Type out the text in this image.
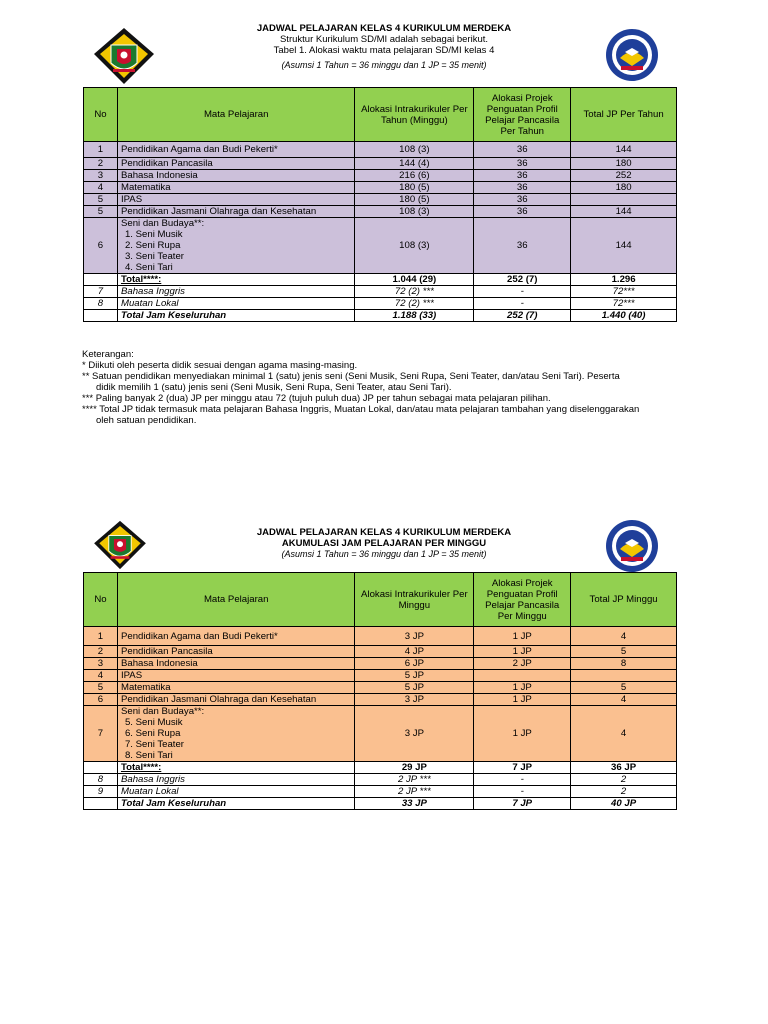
JADWAL PELAJARAN KELAS 4 KURIKULUM MERDEKA
Struktur Kurikulum SD/MI adalah sebagai berikut.
Tabel 1. Alokasi waktu mata pelajaran SD/MI kelas 4
(Asumsi 1 Tahun = 36 minggu dan 1 JP = 35 menit)
No	Mata Pelajaran	Alokasi Intrakurikuler Per Tahun (Minggu)	Alokasi Projek Penguatan Profil Pelajar Pancasila Per Tahun	Total JP Per Tahun
1	Pendidikan Agama dan Budi Pekerti*	108 (3)	36	144
2	Pendidikan Pancasila	144 (4)	36	180
3	Bahasa Indonesia	216 (6)	36	252
4	Matematika	180 (5)	36	180
5	IPAS	180 (5)	36	
5	Pendidikan Jasmani Olahraga dan Kesehatan	108 (3)	36	144
6	Seni dan Budaya**:
1. Seni Musik
2. Seni Rupa
3. Seni Teater
4. Seni Tari	108 (3)	36	144
	Total****:	1.044 (29)	252 (7)	1.296
7	Bahasa Inggris	72 (2) ***	-	72***
8	Muatan Lokal	72 (2) ***	-	72***
	Total Jam Keseluruhan	1.188 (33)	252 (7)	1.440 (40)

Keterangan:

* Diikuti oleh peserta didik sesuai dengan agama masing-masing.

** Satuan pendidikan menyediakan minimal 1 (satu) jenis seni (Seni Musik, Seni Rupa, Seni Teater, dan/atau Seni Tari). Peserta

didik memilih 1 (satu) jenis seni (Seni Musik, Seni Rupa, Seni Teater, atau Seni Tari).

*** Paling banyak 2 (dua) JP per minggu atau 72 (tujuh puluh dua) JP per tahun sebagai mata pelajaran pilihan.

**** Total JP tidak termasuk mata pelajaran Bahasa Inggris, Muatan Lokal, dan/atau mata pelajaran tambahan yang diselenggarakan

oleh satuan pendidikan.

JADWAL PELAJARAN KELAS 4 KURIKULUM MERDEKA
AKUMULASI JAM PELAJARAN PER MINGGU
(Asumsi 1 Tahun = 36 minggu dan 1 JP = 35 menit)
No	Mata Pelajaran	Alokasi Intrakurikuler Per Minggu	Alokasi Projek Penguatan Profil Pelajar Pancasila Per Minggu	Total JP Minggu
1	Pendidikan Agama dan Budi Pekerti*	3 JP	1 JP	4
2	Pendidikan Pancasila	4 JP	1 JP	5
3	Bahasa Indonesia	6 JP	2 JP	8
4	IPAS	5 JP		
5	Matematika	5 JP	1 JP	5
6	Pendidikan Jasmani Olahraga dan Kesehatan	3 JP	1 JP	4
7	Seni dan Budaya**:
5. Seni Musik
6. Seni Rupa
7. Seni Teater
8. Seni Tari	3 JP	1 JP	4
	Total****:	29 JP	7 JP	36 JP
8	Bahasa Inggris	2 JP ***	-	2
9	Muatan Lokal	2 JP ***	-	2
	Total Jam Keseluruhan	33 JP	7 JP	40 JP
